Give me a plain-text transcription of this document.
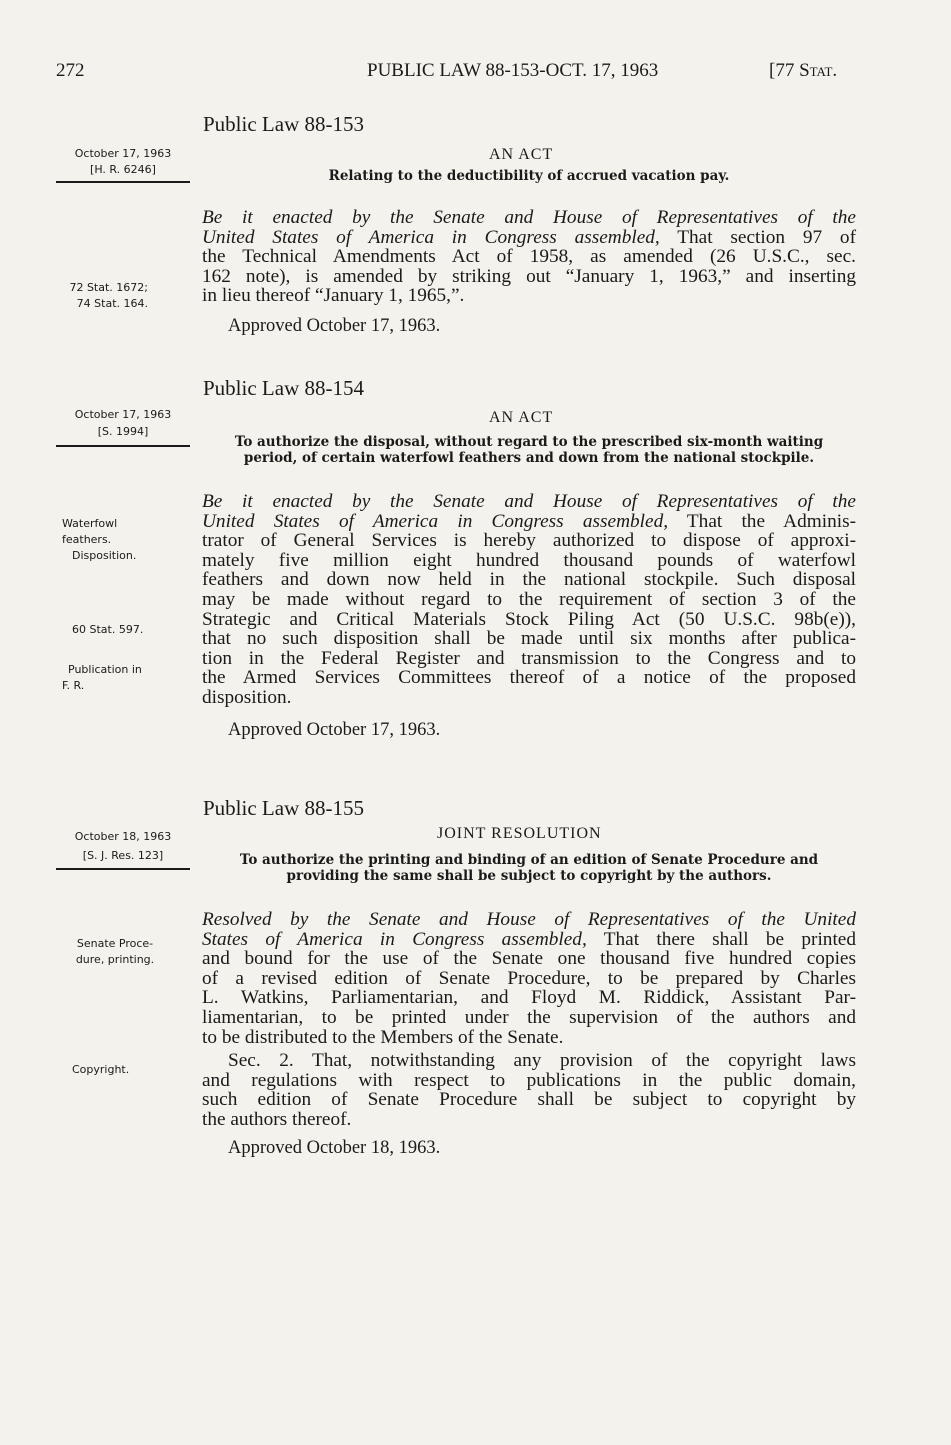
272	PUBLIC LAW 88-153-OCT. 17, 1963	[77 Stat.
Public Law 88-153
October 17, 1963
[H. R. 6246]
AN ACT
Relating to the deductibility of accrued vacation pay.
72 Stat. 1672;
74 Stat. 164.
Be it enacted by the Senate and House of Representatives of the
United States of America in Congress assembled, That section 97 of
the Technical Amendments Act of 1958, as amended (26 U.S.C., sec.
162 note), is amended by striking out “January 1, 1963,” and inserting
in lieu thereof “January 1, 1965,”.
Approved October 17, 1963.
Public Law 88-154
October 17, 1963
[S. 1994]
AN ACT
To authorize the disposal, without regard to the prescribed six-month waiting
period, of certain waterfowl feathers and down from the national stockpile.
Waterfowl
feathers.
Disposition.
60 Stat. 597.
Publication in
F. R.
Be it enacted by the Senate and House of Representatives of the
United States of America in Congress assembled, That the Adminis-
trator of General Services is hereby authorized to dispose of approxi-
mately five million eight hundred thousand pounds of waterfowl
feathers and down now held in the national stockpile. Such disposal
may be made without regard to the requirement of section 3 of the
Strategic and Critical Materials Stock Piling Act (50 U.S.C. 98b(e)),
that no such disposition shall be made until six months after publica-
tion in the Federal Register and transmission to the Congress and to
the Armed Services Committees thereof of a notice of the proposed
disposition.
Approved October 17, 1963.
Public Law 88-155
October 18, 1963
[S. J. Res. 123]
JOINT RESOLUTION
To authorize the printing and binding of an edition of Senate Procedure and
providing the same shall be subject to copyright by the authors.
Senate Proce-
dure, printing.
Copyright.
Resolved by the Senate and House of Representatives of the United
States of America in Congress assembled, That there shall be printed
and bound for the use of the Senate one thousand five hundred copies
of a revised edition of Senate Procedure, to be prepared by Charles
L. Watkins, Parliamentarian, and Floyd M. Riddick, Assistant Par-
liamentarian, to be printed under the supervision of the authors and
to be distributed to the Members of the Senate.
Sec. 2. That, notwithstanding any provision of the copyright laws
and regulations with respect to publications in the public domain,
such edition of Senate Procedure shall be subject to copyright by
the authors thereof.
Approved October 18, 1963.
